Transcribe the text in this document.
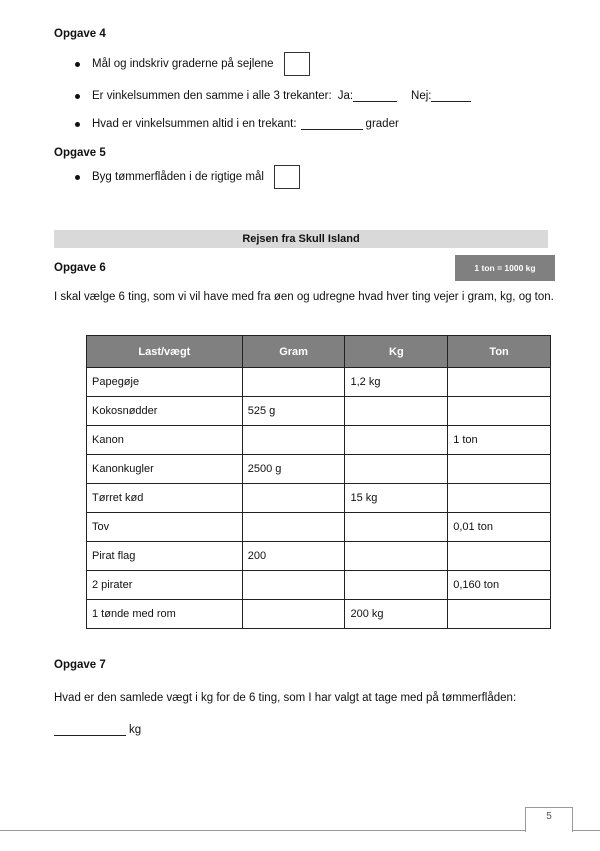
Opgave 4
Mål og indskriv graderne på sejlene
Er vinkelsummen den samme i alle 3 trekanter: Ja:	Nej:
Hvad er vinkelsummen altid i en trekant:	grader
Opgave 5
Byg tømmerflåden i de rigtige mål
Rejsen fra Skull Island
Opgave 6	1 ton = 1000 kg
I skal vælge 6 ting, som vi vil have med fra øen og udregne hvad hver ting vejer i gram, kg, og ton.
Last/vægt	Gram	Kg	Ton
Papegøje		1,2 kg	
Kokosnødder	525 g		
Kanon			1 ton
Kanonkugler	2500 g		
Tørret kød		15 kg	
Tov			0,01 ton
Pirat flag	200		
2 pirater			0,160 ton
1 tønde med rom		200 kg	
Opgave 7
Hvad er den samlede vægt i kg for de 6 ting, som I har valgt at tage med på tømmerflåden:
kg
5
